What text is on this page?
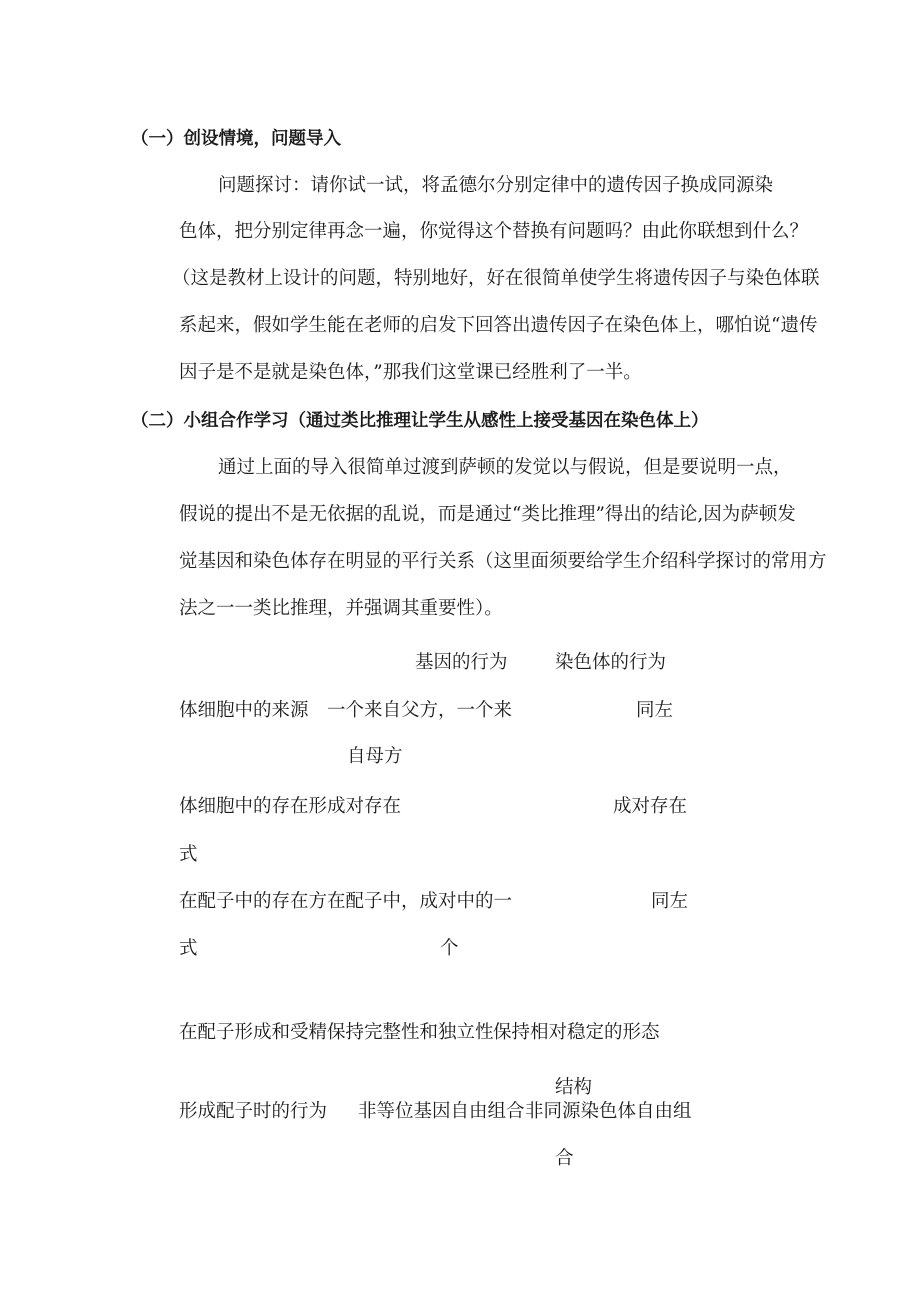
（一）创设情境，问题导入
问题探讨：请你试一试，将孟德尔分别定律中的遗传因子换成同源染
色体，把分别定律再念一遍，你觉得这个替换有问题吗？由此你联想到什么？
（这是教材上设计的问题，特别地好，好在很简单使学生将遗传因子与染色体联
系起来，假如学生能在老师的启发下回答出遗传因子在染色体上，哪怕说“遗传
因子是不是就是染色体，”那我们这堂课已经胜利了一半。
（二）小组合作学习（通过类比推理让学生从感性上接受基因在染色体上）
通过上面的导入很简单过渡到萨顿的发觉以与假说，但是要说明一点，
假说的提出不是无依据的乱说，而是通过“类比推理”得出的结论,因为萨顿发
觉基因和染色体存在明显的平行关系（这里面须要给学生介绍科学探讨的常用方
法之一一类比推理，并强调其重要性）。
基因的行为	染色体的行为
体细胞中的来源 一个来自父方，一个来
自母方
同左
体细胞中的存在形
式
成对存在	成对存在
在配子中的存在方
式
在配子中，成对中的一
个
同左
在配子形成和受精 保持完整性和独立性 保持相对稳定的形态
结构
形成配子时的行为 非等位基因自由组合 非同源染色体自由组
合
